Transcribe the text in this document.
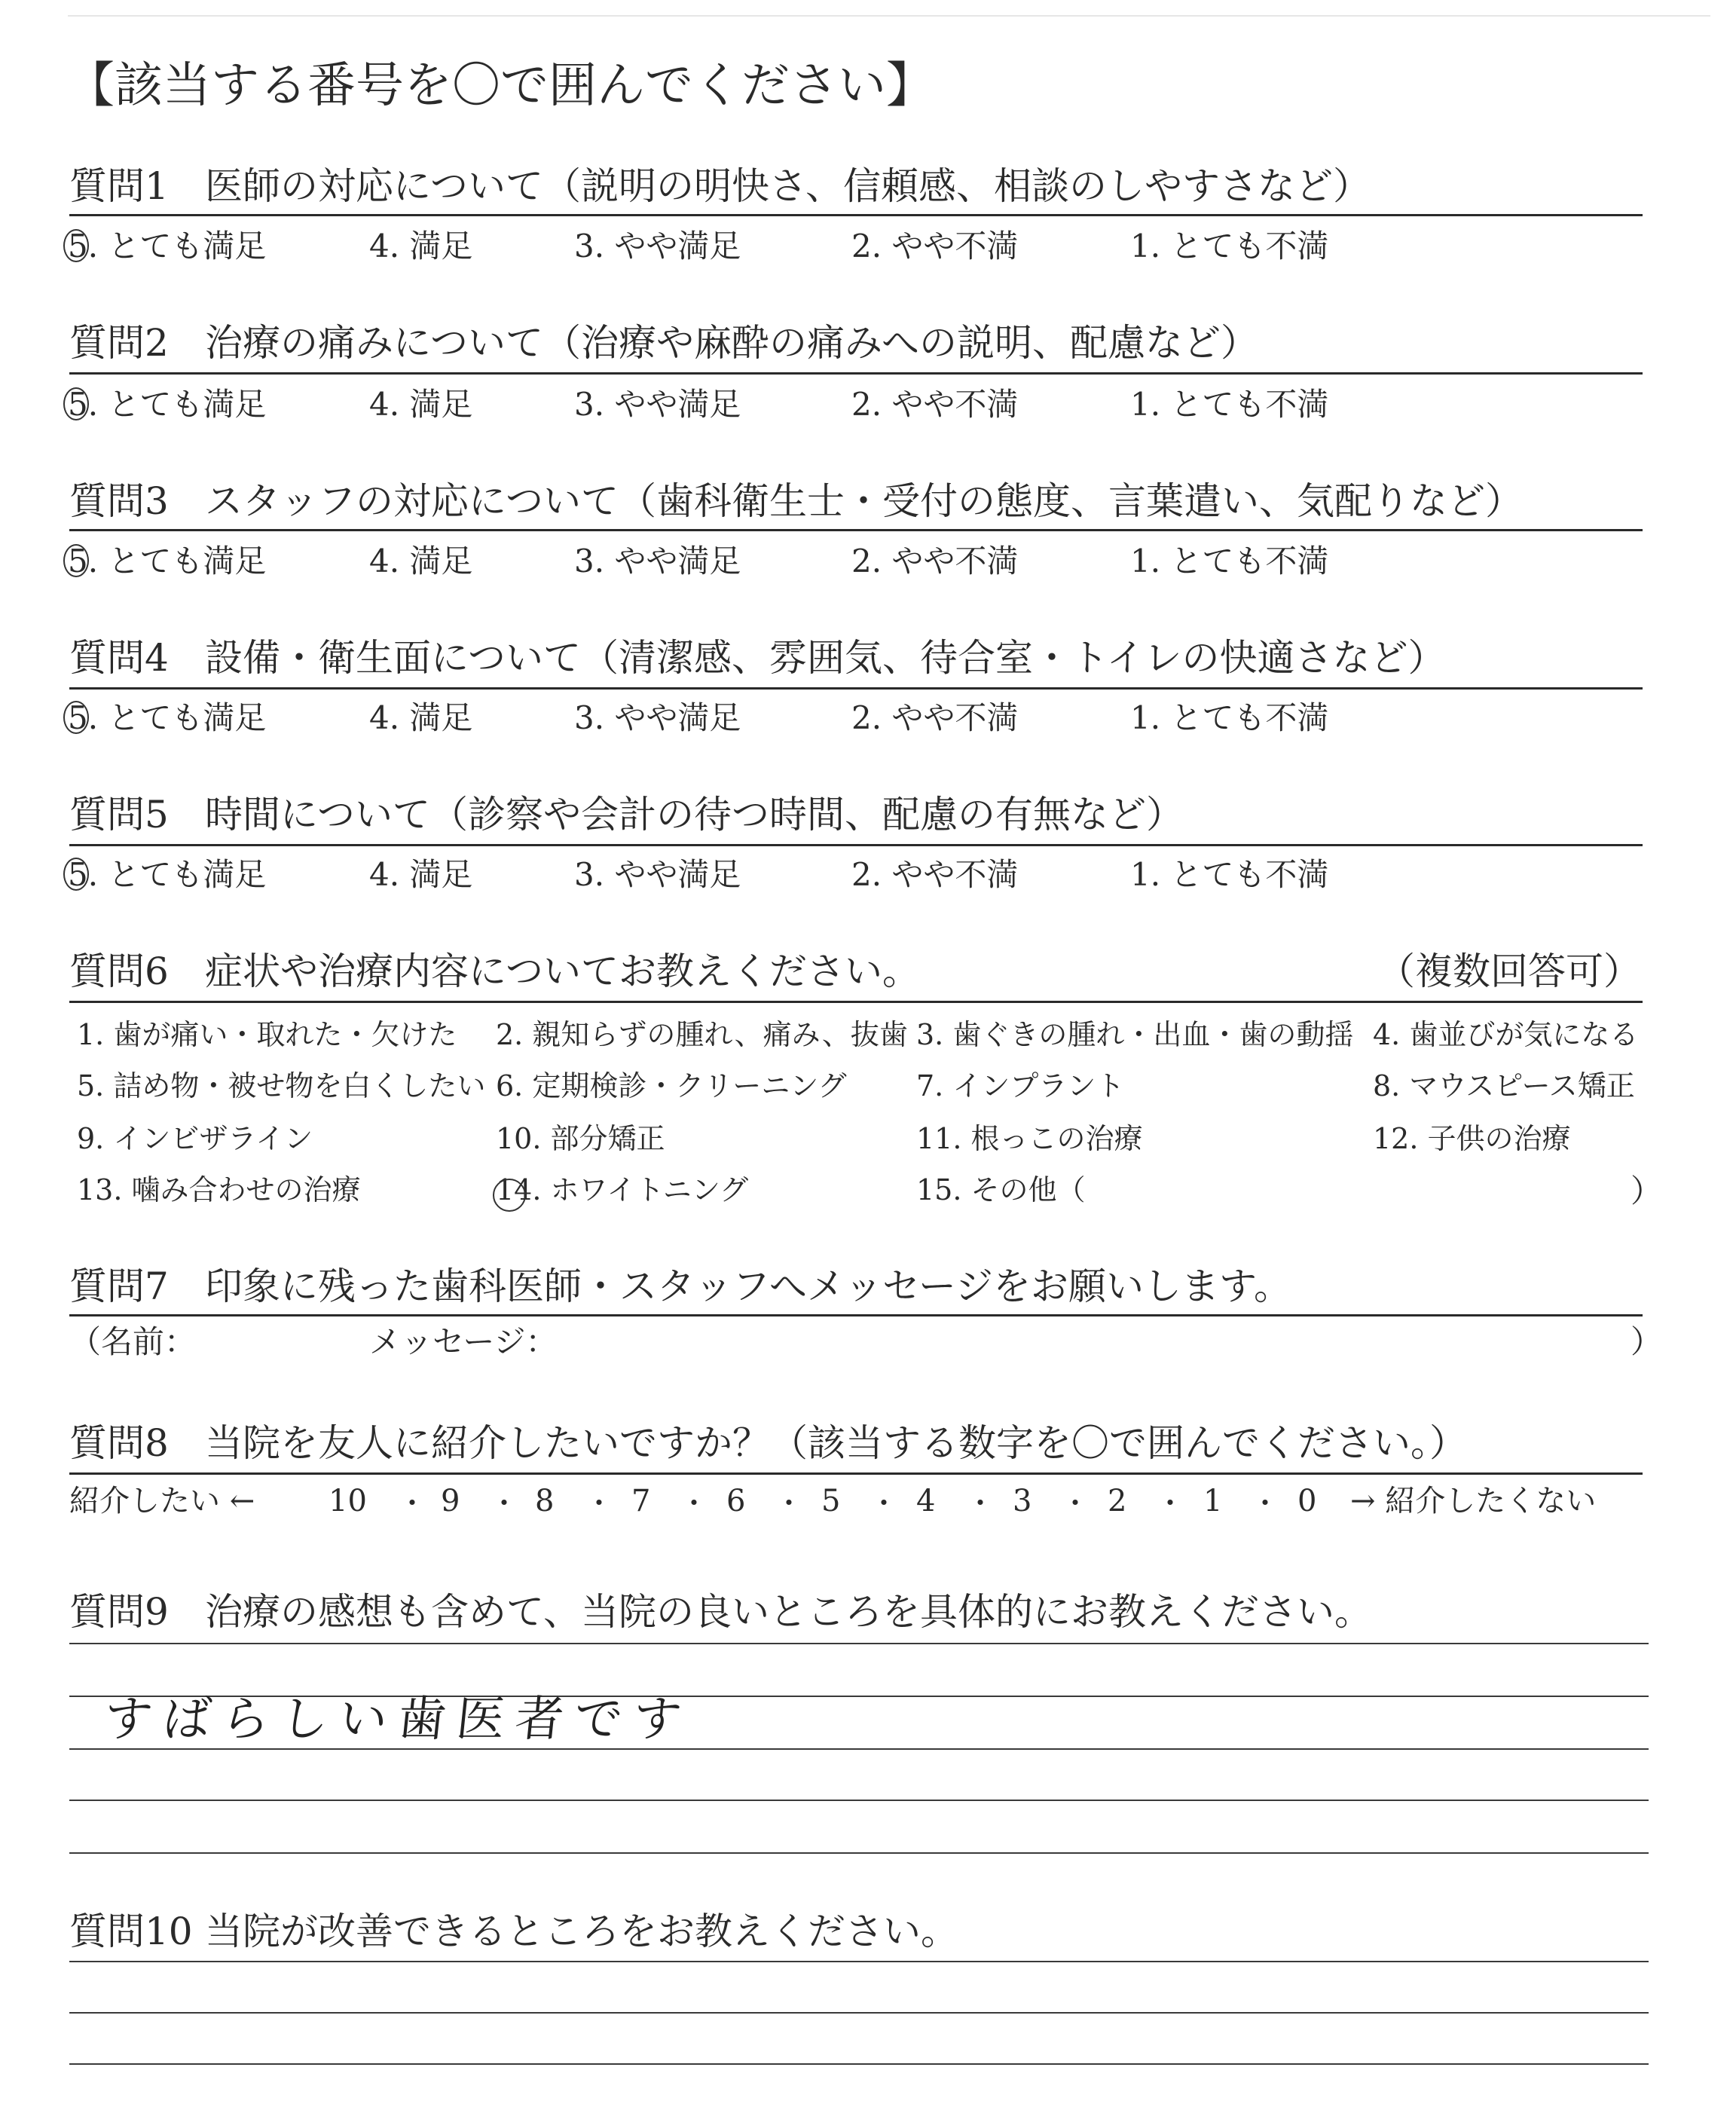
【該当する番号を〇で囲んでください】
質問1 医師の対応について（説明の明快さ、信頼感、相談のしやすさなど）
5. とても満足	4. 満足	3. やや満足	2. やや不満	1. とても不満
質問2 治療の痛みについて（治療や麻酔の痛みへの説明、配慮など）
5. とても満足	4. 満足	3. やや満足	2. やや不満	1. とても不満
質問3 スタッフの対応について（歯科衛生士・受付の態度、言葉遣い、気配りなど）
5. とても満足	4. 満足	3. やや満足	2. やや不満	1. とても不満
質問4 設備・衛生面について（清潔感、雰囲気、待合室・トイレの快適さなど）
5. とても満足	4. 満足	3. やや満足	2. やや不満	1. とても不満
質問5 時間について（診察や会計の待つ時間、配慮の有無など）
5. とても満足	4. 満足	3. やや満足	2. やや不満	1. とても不満
質問6 症状や治療内容についてお教えください。	（複数回答可）
1. 歯が痛い・取れた・欠けた 2. 親知らずの腫れ、痛み、抜歯 3. 歯ぐきの腫れ・出血・歯の動揺 4. 歯並びが気になる
5. 詰め物・被せ物を白くしたい 6. 定期検診・クリーニング 7. インプラント	8. マウスピース矯正
9. インビザライン	10. 部分矯正	11. 根っこの治療	12. 子供の治療
13. 噛み合わせの治療	14. ホワイトニング	15. その他（	）
質問7 印象に残った歯科医師・スタッフへメッセージをお願いします。
（名前：	メッセージ：	）
質問8 当院を友人に紹介したいですか？（該当する数字を〇で囲んでください。）
紹介したい ← 10 9 8	7	6	5	4	3	2	1 0 → 紹介したくない
・ ・ ・ ・ ・ ・ ・ ・ ・ ・
質問9 治療の感想も含めて、当院の良いところを具体的にお教えください。
すばらしい歯医者です
質問10 当院が改善できるところをお教えください。
